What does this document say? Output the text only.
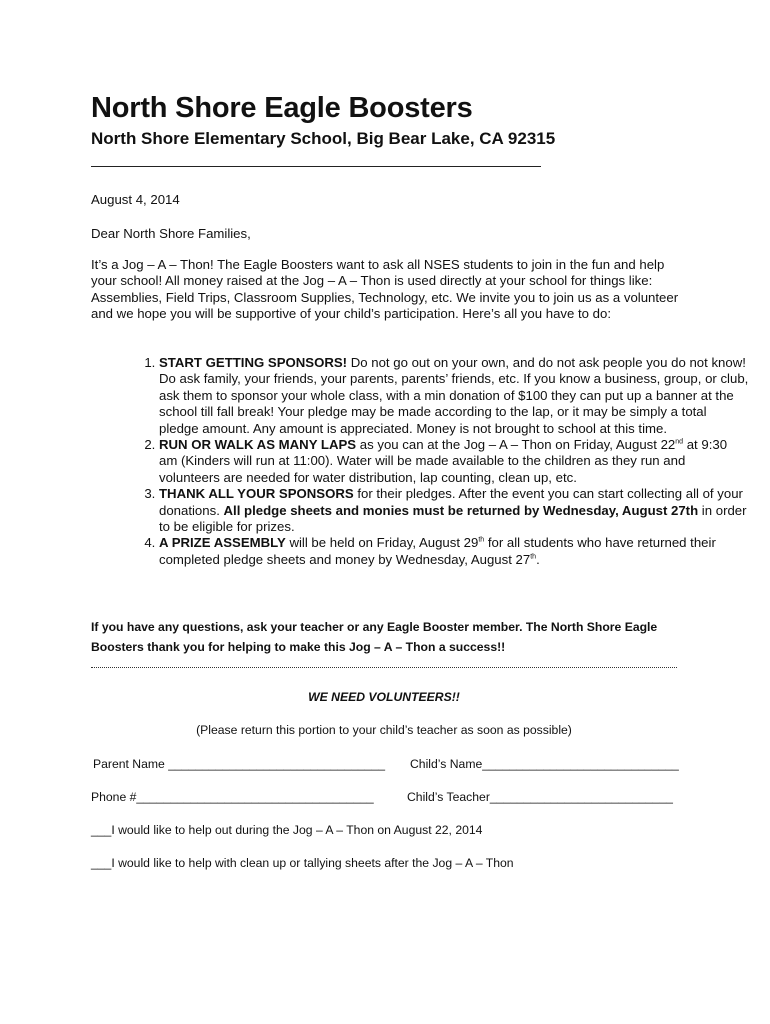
North Shore Eagle Boosters
North Shore Elementary School, Big Bear Lake, CA 92315

August 4, 2014

Dear North Shore Families,

It’s a Jog – A – Thon! The Eagle Boosters want to ask all NSES students to join in the fun and help your school! All money raised at the Jog – A – Thon is used directly at your school for things like: Assemblies, Field Trips, Classroom Supplies, Technology, etc. We invite you to join us as a volunteer and we hope you will be supportive of your child’s participation. Here’s all you have to do:

1. START GETTING SPONSORS! Do not go out on your own, and do not ask people you do not know! Do ask family, your friends, your parents, parents’ friends, etc. If you know a business, group, or club, ask them to sponsor your whole class, with a min donation of $100 they can put up a banner at the school till fall break! Your pledge may be made according to the lap, or it may be simply a total pledge amount. Any amount is appreciated. Money is not brought to school at this time.
2. RUN OR WALK AS MANY LAPS as you can at the Jog – A – Thon on Friday, August 22nd at 9:30 am (Kinders will run at 11:00). Water will be made available to the children as they run and volunteers are needed for water distribution, lap counting, clean up, etc.
3. THANK ALL YOUR SPONSORS for their pledges. After the event you can start collecting all of your donations. All pledge sheets and monies must be returned by Wednesday, August 27th in order to be eligible for prizes.
4. A PRIZE ASSEMBLY will be held on Friday, August 29th for all students who have returned their completed pledge sheets and money by Wednesday, August 27th.

If you have any questions, ask your teacher or any Eagle Booster member. The North Shore Eagle Boosters thank you for helping to make this Jog – A – Thon a success!!

WE NEED VOLUNTEERS!!

(Please return this portion to your child’s teacher as soon as possible)

Parent Name ________________________________ Child’s Name_____________________________

Phone #___________________________________	Child’s Teacher___________________________

___I would like to help out during the Jog – A – Thon on August 22, 2014

___I would like to help with clean up or tallying sheets after the Jog – A – Thon
